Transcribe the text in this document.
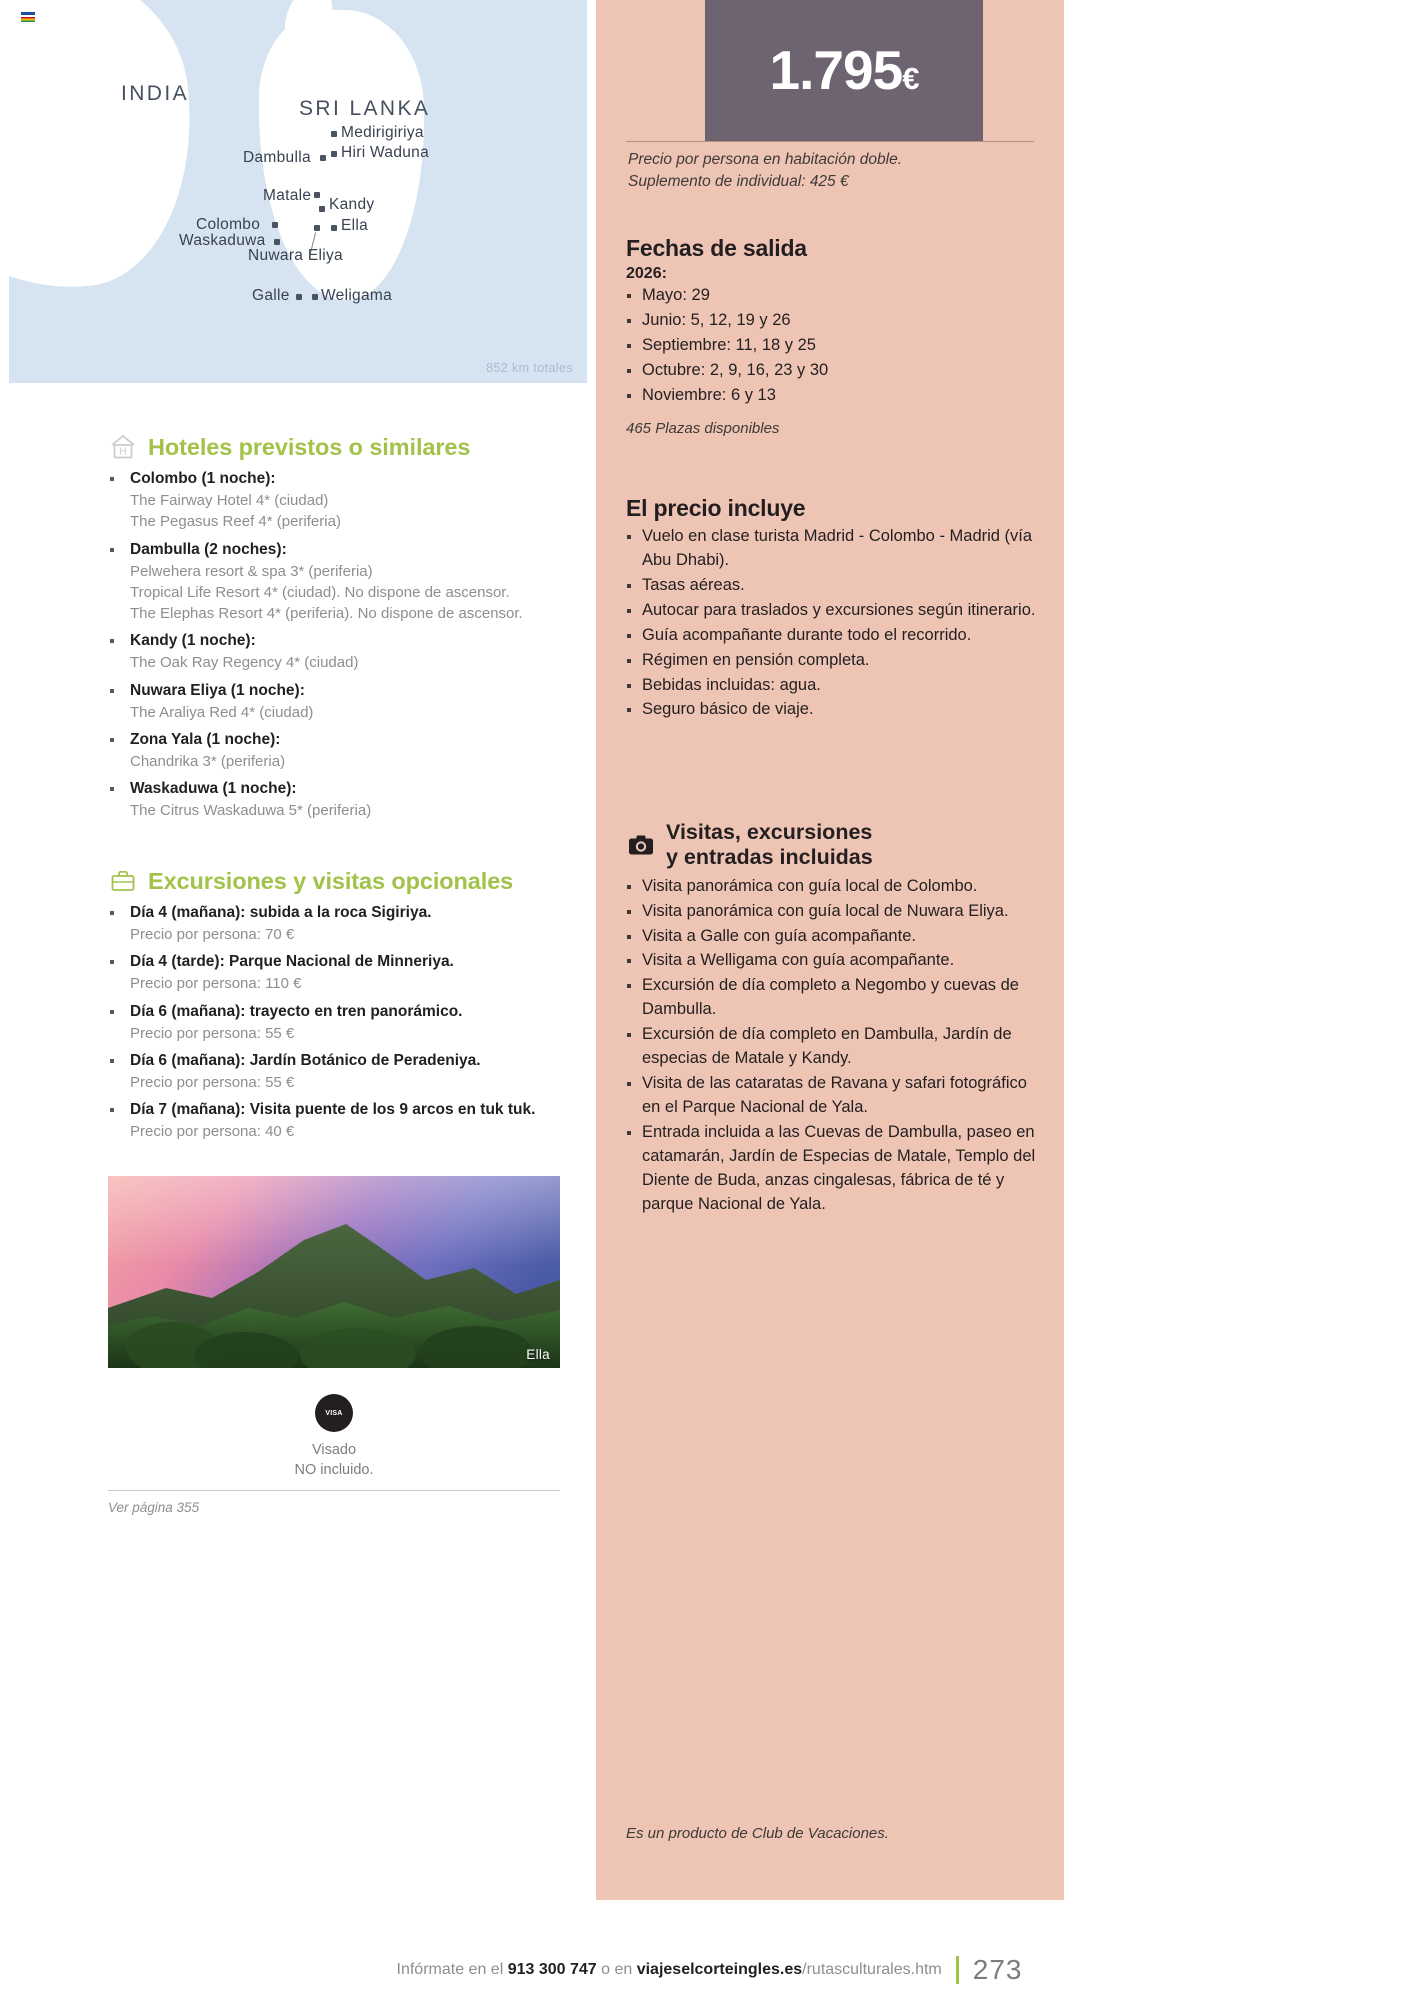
INDIA
SRI LANKA
Medirigiriya
Hiri Waduna
Dambulla
Matale
Kandy
Colombo	Ella
Waskaduwa
Nuwara Eliya
Galle Weligama
852 km totales
H Hoteles previstos o similares
Colombo (1 noche):
The Fairway Hotel 4* (ciudad)
The Pegasus Reef 4* (periferia)
Dambulla (2 noches):
Pelwehera resort & spa 3* (periferia)
Tropical Life Resort 4* (ciudad). No dispone de ascensor.
The Elephas Resort 4* (periferia). No dispone de ascensor.
Kandy (1 noche):
The Oak Ray Regency 4* (ciudad)
Nuwara Eliya (1 noche):
The Araliya Red 4* (ciudad)
Zona Yala (1 noche):
Chandrika 3* (periferia)
Waskaduwa (1 noche):
The Citrus Waskaduwa 5* (periferia)
Excursiones y visitas opcionales
Día 4 (mañana): subida a la roca Sigiriya.
Precio por persona: 70 €
Día 4 (tarde): Parque Nacional de Minneriya.
Precio por persona: 110 €
Día 6 (mañana): trayecto en tren panorámico.
Precio por persona: 55 €
Día 6 (mañana): Jardín Botánico de Peradeniya.
Precio por persona: 55 €
Día 7 (mañana): Visita puente de los 9 arcos en tuk tuk.
Precio por persona: 40 €
Ella
VISA
Visado
NO incluido.
Ver página 355
1.795€
Precio por persona en habitación doble.
Suplemento de individual: 425 €
Fechas de salida
2026:
Mayo: 29
Junio: 5, 12, 19 y 26
Septiembre: 11, 18 y 25
Octubre: 2, 9, 16, 23 y 30
Noviembre: 6 y 13
465 Plazas disponibles
El precio incluye
Vuelo en clase turista Madrid - Colombo - Madrid (vía Abu Dhabi).
Tasas aéreas.
Autocar para traslados y excursiones según itinerario.
Guía acompañante durante todo el recorrido.
Régimen en pensión completa.
Bebidas incluidas: agua.
Seguro básico de viaje.
Visitas, excursiones
y entradas incluidas
Visita panorámica con guía local de Colombo.
Visita panorámica con guía local de Nuwara Eliya.
Visita a Galle con guía acompañante.
Visita a Welligama con guía acompañante.
Excursión de día completo a Negombo y cuevas de Dambulla.
Excursión de día completo en Dambulla, Jardín de especias de Matale y Kandy.
Visita de las cataratas de Ravana y safari fotográfico en el Parque Nacional de Yala.
Entrada incluida a las Cuevas de Dambulla, paseo en catamarán, Jardín de Especias de Matale, Templo del Diente de Buda, anzas cingalesas, fábrica de té y parque Nacional de Yala.
Es un producto de Club de Vacaciones.
Infórmate en el 913 300 747 o en viajeselcorteingles.es/rutasculturales.htm 273
